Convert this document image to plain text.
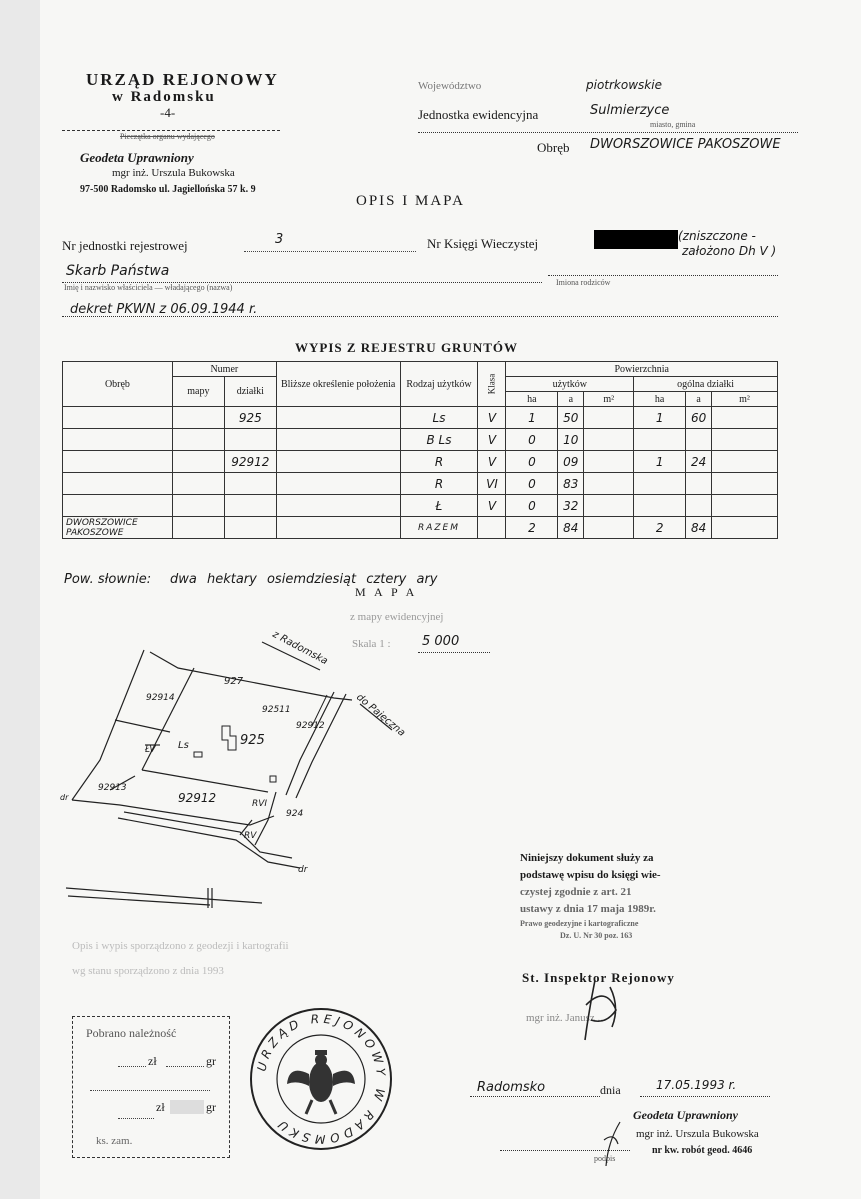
URZĄD REJONOWY
w Radomsku
-4-
Pieczątka organu wydającego
Geodeta Uprawniony
mgr inż. Urszula Bukowska
97-500 Radomsko ul. Jagiellońska 57 k. 9
Województwo	piotrkowskie
Jednostka ewidencyjna	Sulmierzyce
miasto, gmina
Obręb DWORSZOWICE PAKOSZOWE
OPIS I MAPA
Nr jednostki rejestrowej	3	Nr Księgi Wieczystej	(zniszczone -
założono Dh V )
Skarb Państwa
Imię i nazwisko właściciela — władającego (nazwa)
Imiona rodziców
dekret PKWN z 06.09.1944 r.
WYPIS Z REJESTRU GRUNTÓW
Obręb	Numer		Bliższe określenie położenia	Rodzaj użytków	Klasa	Powierzchnia					
	mapy	działki				użytków			ogólna działki		
						ha	a	m²	ha	a	m²
		925		Ls	V	1	50		1	60	
				B Ls	V	0	10				
		92912		R	V	0	09		1	24	
				R	VI	0	83				
				Ł	V	0	32				
DWORSZOWICE
PAKOSZOWE				RAZEM		2	84		2	84	
Pow. słownie: dwa hektary osiemdziesiąt cztery ary
M A P A
z mapy ewidencyjnej
Skala 1 : 5 000
z Radomska
do Pajęczna
927
92914
92511
92912
925
Ls
ŁV
92913
92912	RVI
924
RV
dr
dr
Niniejszy dokument służy za
podstawę wpisu do księgi wie-
czystej zgodnie z art. 21
ustawy z dnia 17 maja 1989r.
Prawo geodezyjne i kartograficzne
Dz. U. Nr 30 poz. 163
Opis i wypis sporządzono z geodezji i kartografii
wg stanu sporządzono z dnia 1993
Pobrano należność
zł	gr
zł	gr
ks. zam.
URZĄD REJONOWY W RADOMSKU
St. Inspektor Rejonowy
mgr inż. Janusz ...
Radomsko	dnia	17.05.1993 r.
Geodeta Uprawniony
mgr inż. Urszula Bukowska
nr kw. robót geod. 4646
podpis
